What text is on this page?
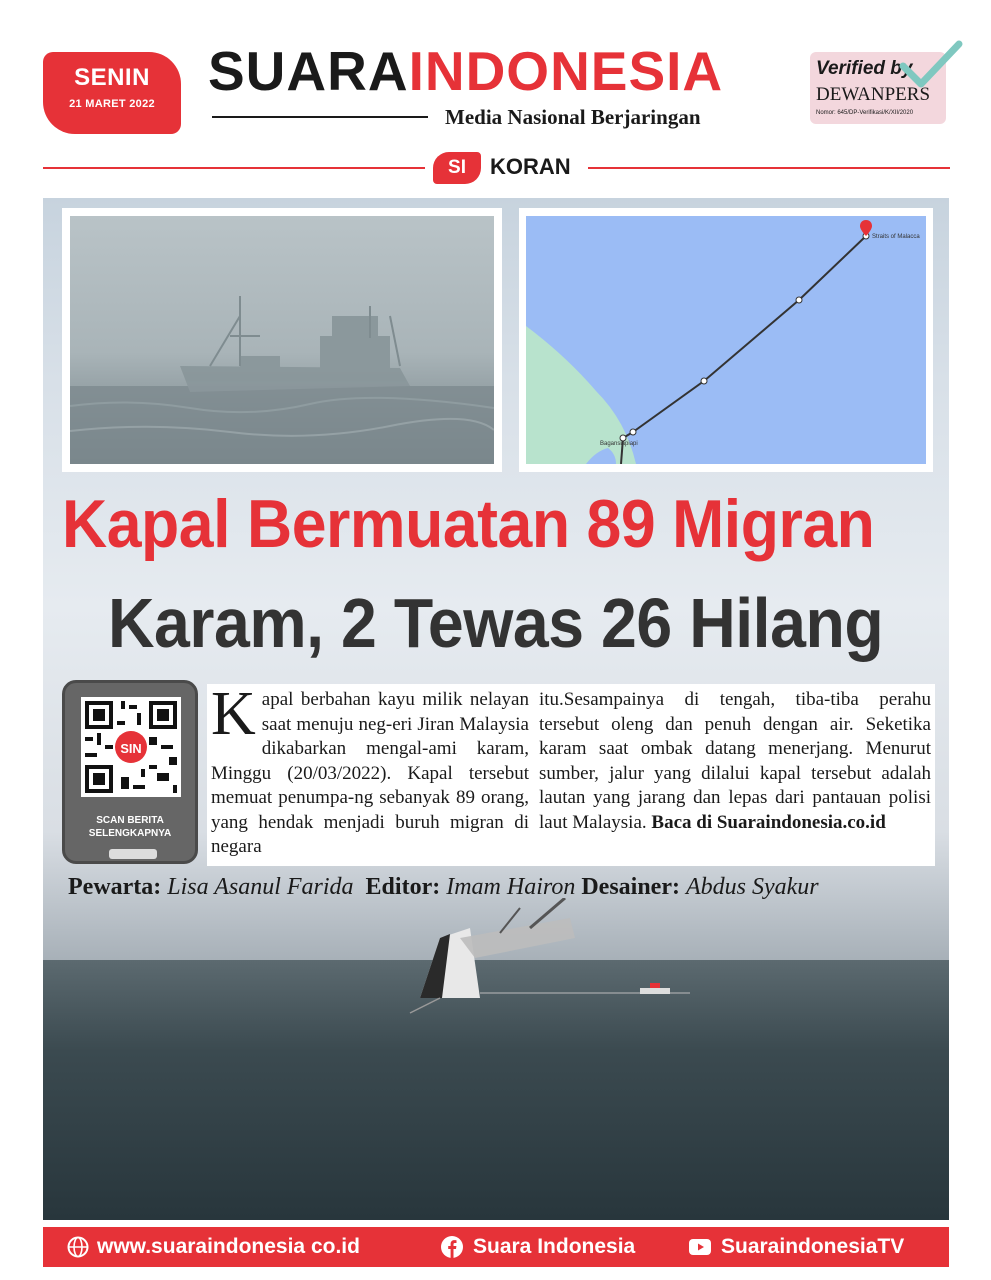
SENIN
21 MARET 2022
SUARAINDONESIA
Media Nasional Berjaringan
Verified by
DEWANPERS
Nomor: 645/DP-Verifikasi/K/XII/2020
SI	KORAN
Straits of Malacca
Bagansiapiapi
Kapal Bermuatan 89 Migran
Karam, 2 Tewas 26 Hilang
SIN
SCAN BERITA
SELENGKAPNYA
Kapal berbahan kayu milik nelayan saat menuju neg-eri Jiran Malaysia dikabarkan mengal-ami karam, Minggu (20/03/2022). Kapal tersebut memuat penumpa-ng sebanyak 89 orang, yang hendak menjadi buruh migran di negara
itu.Sesampainya di tengah, tiba-tiba perahu tersebut oleng dan penuh dengan air. Seketika karam saat ombak datang menerjang. Menurut sumber, jalur yang dilalui kapal tersebut adalah lautan yang jarang dan lepas dari pantauan polisi laut Malaysia. Baca di Suaraindonesia.co.id
Pewarta: Lisa Asanul Farida Editor: Imam Hairon Desainer: Abdus Syakur
www.suaraindonesia co.id	Suara Indonesia	SuaraindonesiaTV
